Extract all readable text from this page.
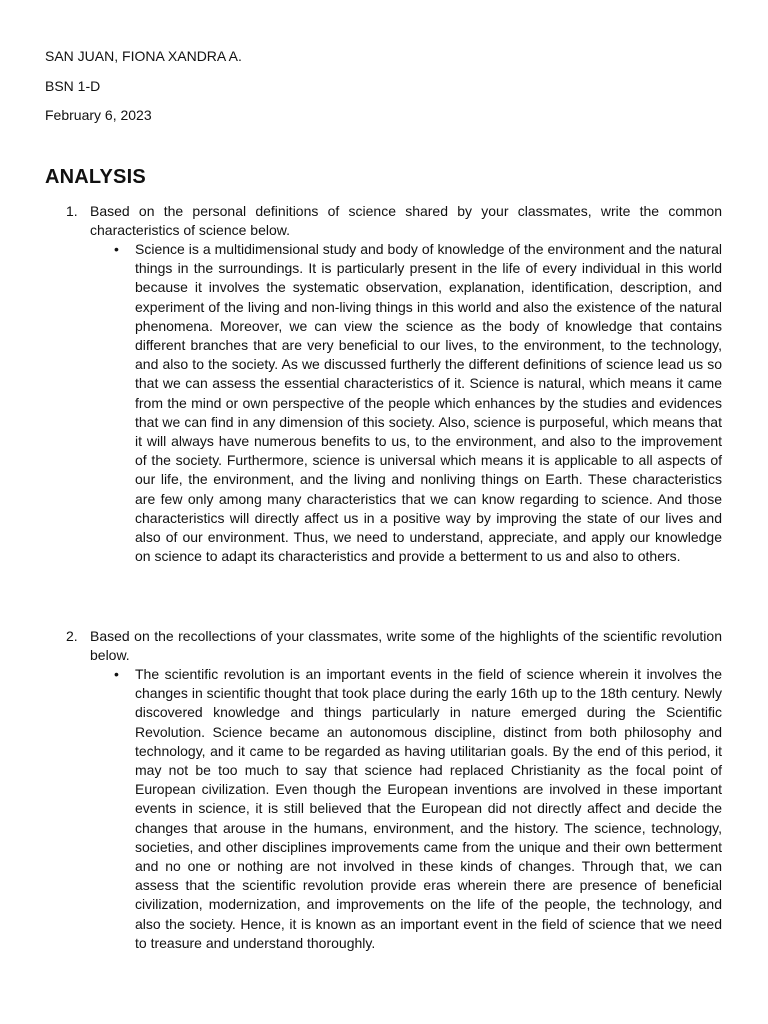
SAN JUAN, FIONA XANDRA A.
BSN 1-D
February 6, 2023
ANALYSIS
1. Based on the personal definitions of science shared by your classmates, write the common characteristics of science below.
• Science is a multidimensional study and body of knowledge of the environment and the natural things in the surroundings. It is particularly present in the life of every individual in this world because it involves the systematic observation, explanation, identification, description, and experiment of the living and non-living things in this world and also the existence of the natural phenomena. Moreover, we can view the science as the body of knowledge that contains different branches that are very beneficial to our lives, to the environment, to the technology, and also to the society. As we discussed furtherly the different definitions of science lead us so that we can assess the essential characteristics of it. Science is natural, which means it came from the mind or own perspective of the people which enhances by the studies and evidences that we can find in any dimension of this society. Also, science is purposeful, which means that it will always have numerous benefits to us, to the environment, and also to the improvement of the society. Furthermore, science is universal which means it is applicable to all aspects of our life, the environment, and the living and nonliving things on Earth. These characteristics are few only among many characteristics that we can know regarding to science. And those characteristics will directly affect us in a positive way by improving the state of our lives and also of our environment. Thus, we need to understand, appreciate, and apply our knowledge on science to adapt its characteristics and provide a betterment to us and also to others.
2. Based on the recollections of your classmates, write some of the highlights of the scientific revolution below.
• The scientific revolution is an important events in the field of science wherein it involves the changes in scientific thought that took place during the early 16th up to the 18th century. Newly discovered knowledge and things particularly in nature emerged during the Scientific Revolution. Science became an autonomous discipline, distinct from both philosophy and technology, and it came to be regarded as having utilitarian goals. By the end of this period, it may not be too much to say that science had replaced Christianity as the focal point of European civilization. Even though the European inventions are involved in these important events in science, it is still believed that the European did not directly affect and decide the changes that arouse in the humans, environment, and the history. The science, technology, societies, and other disciplines improvements came from the unique and their own betterment and no one or nothing are not involved in these kinds of changes. Through that, we can assess that the scientific revolution provide eras wherein there are presence of beneficial civilization, modernization, and improvements on the life of the people, the technology, and also the society. Hence, it is known as an important event in the field of science that we need to treasure and understand thoroughly.
